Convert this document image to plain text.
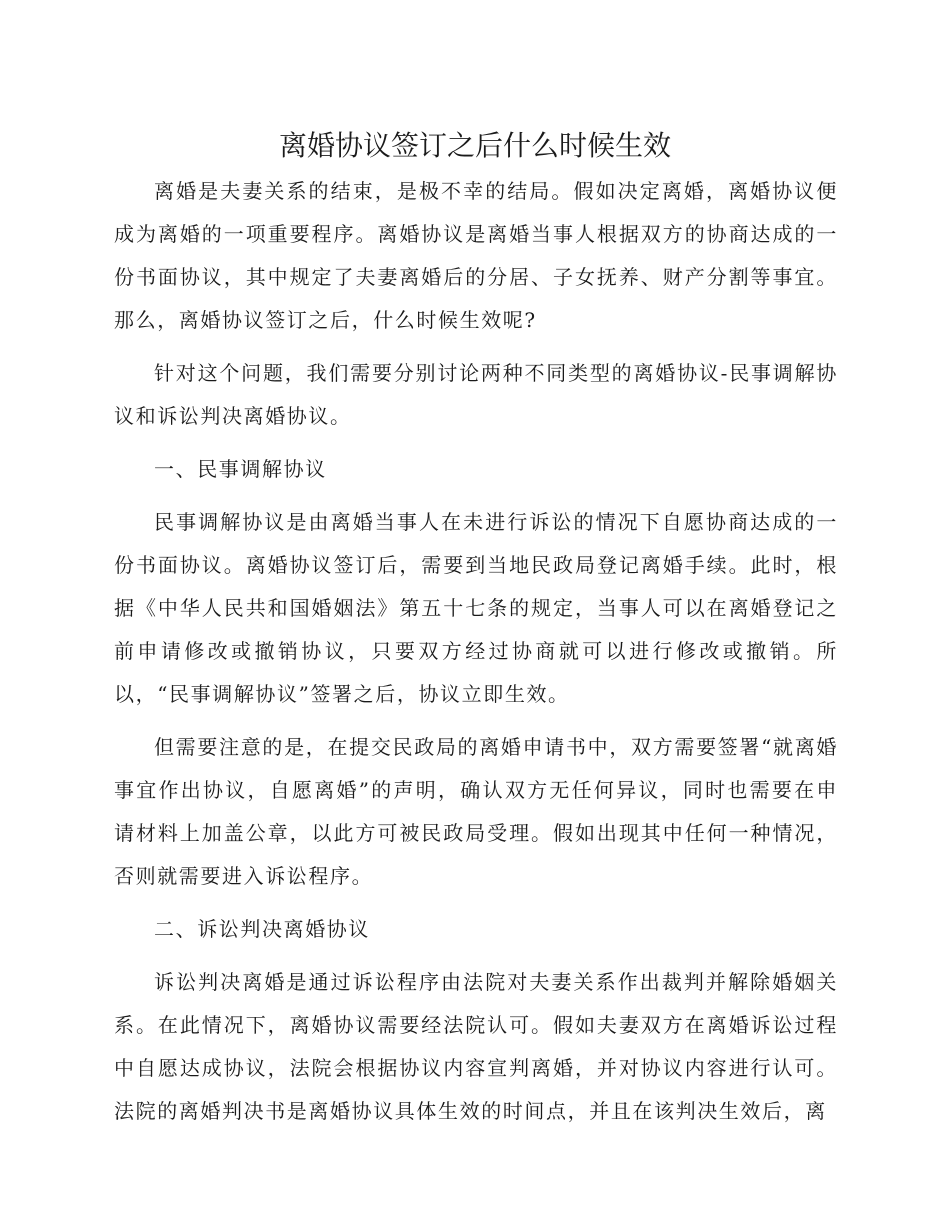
离婚协议签订之后什么时候生效

离婚是夫妻关系的结束，是极不幸的结局。假如决定离婚，离婚协议便成为离婚的一项重要程序。离婚协议是离婚当事人根据双方的协商达成的一份书面协议，其中规定了夫妻离婚后的分居、子女抚养、财产分割等事宜。那么，离婚协议签订之后，什么时候生效呢?

针对这个问题，我们需要分别讨论两种不同类型的离婚协议-民事调解协议和诉讼判决离婚协议。

一、民事调解协议

民事调解协议是由离婚当事人在未进行诉讼的情况下自愿协商达成的一份书面协议。离婚协议签订后，需要到当地民政局登记离婚手续。此时，根据《中华人民共和国婚姻法》第五十七条的规定，当事人可以在离婚登记之前申请修改或撤销协议，只要双方经过协商就可以进行修改或撤销。所以，“民事调解协议”签署之后，协议立即生效。

但需要注意的是，在提交民政局的离婚申请书中，双方需要签署“就离婚事宜作出协议，自愿离婚”的声明，确认双方无任何异议，同时也需要在申请材料上加盖公章，以此方可被民政局受理。假如出现其中任何一种情况，否则就需要进入诉讼程序。

二、诉讼判决离婚协议

诉讼判决离婚是通过诉讼程序由法院对夫妻关系作出裁判并解除婚姻关系。在此情况下，离婚协议需要经法院认可。假如夫妻双方在离婚诉讼过程中自愿达成协议，法院会根据协议内容宣判离婚，并对协议内容进行认可。法院的离婚判决书是离婚协议具体生效的时间点，并且在该判决生效后，离
